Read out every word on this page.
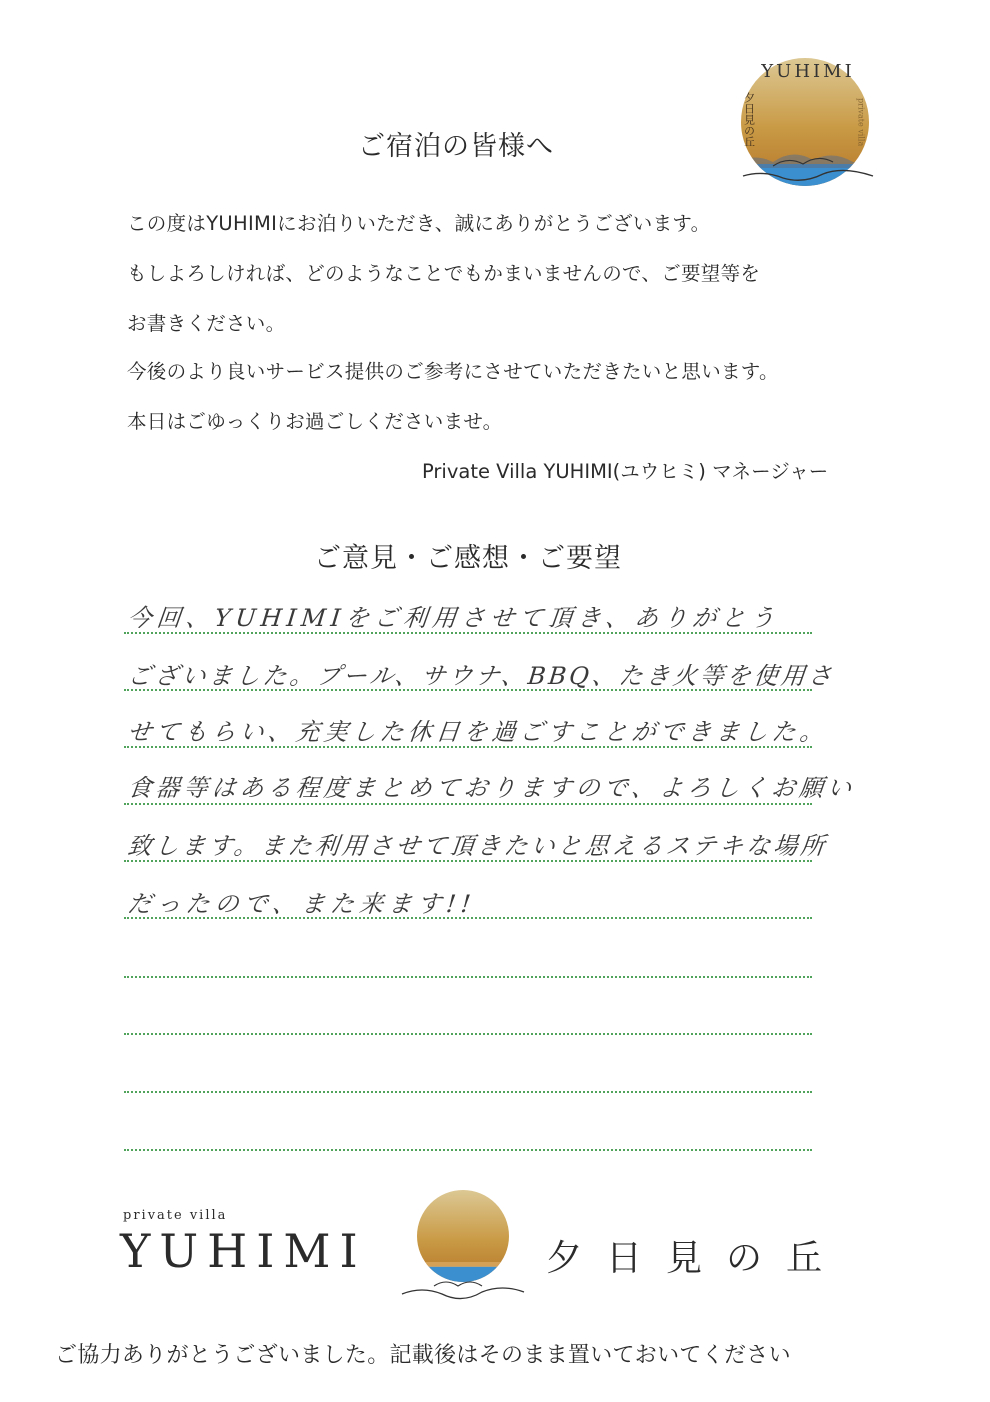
YUHIMI
夕日見の丘	private villa
ご宿泊の皆様へ
この度はYUHIMIにお泊りいただき、誠にありがとうございます。
もしよろしければ、どのようなことでもかまいませんので、ご要望等を
お書きください。
今後のより良いサービス提供のご参考にさせていただきたいと思います。
本日はごゆっくりお過ごしくださいませ。
Private Villa YUHIMI(ユウヒミ) マネージャー
ご意見・ご感想・ご要望
今回、YUHIMIをご利用させて頂き、ありがとう
ございました。プール、サウナ、BBQ、たき火等を使用さ
せてもらい、充実した休日を過ごすことができました。
食器等はある程度まとめておりますので、よろしくお願い
致します。また利用させて頂きたいと思えるステキな場所
だったので、また来ます!!
private villa
YUHIMI	夕日見の丘
ご協力ありがとうございました。記載後はそのまま置いておいてください
